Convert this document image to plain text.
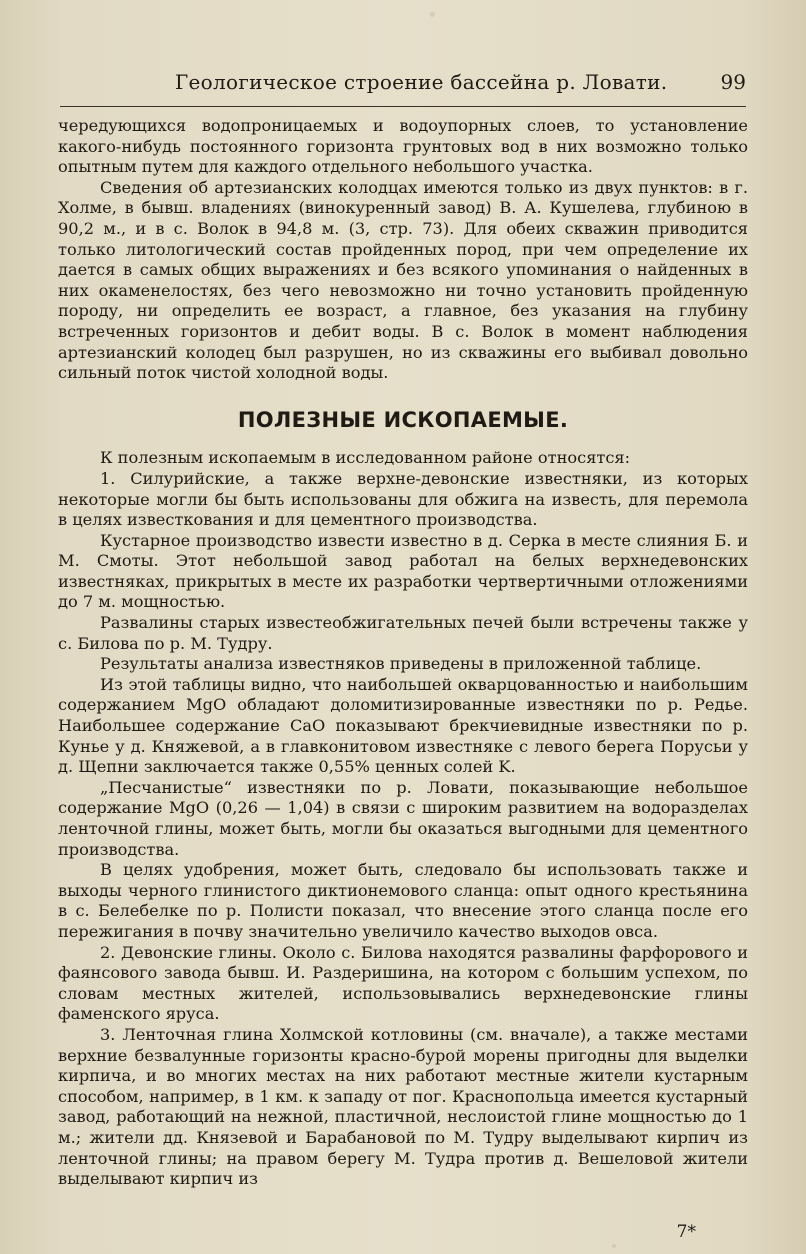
Геологическое строение бассейна р. Ловати.	99

чередующихся водопроницаемых и водоупорных слоев, то установление какого-нибудь постоянного горизонта грунтовых вод в них возможно только опытным путем для каждого отдельного небольшого участка.

Сведения об артезианских колодцах имеются только из двух пунктов: в г. Холме, в бывш. владениях (винокуренный завод) В. А. Кушелева, глубиною в 90,2 м., и в с. Волок в 94,8 м. (3, стр. 73). Для обеих скважин приводится только литологический состав пройденных пород, при чем определение их дается в самых общих выражениях и без всякого упоминания о найденных в них окаменелостях, без чего невозможно ни точно установить пройденную породу, ни определить ее возраст, а главное, без указания на глубину встреченных горизонтов и дебит воды. В с. Волок в момент наблюдения артезианский колодец был разрушен, но из скважины его выбивал довольно сильный поток чистой холодной воды.

ПОЛЕЗНЫЕ ИСКОПАЕМЫЕ.

К полезным ископаемым в исследованном районе относятся:

1. Силурийские, а также верхне-девонские известняки, из которых некоторые могли бы быть использованы для обжига на известь, для перемола в целях известкования и для цементного производства.

Кустарное производство извести известно в д. Серка в месте слияния Б. и М. Смоты. Этот небольшой завод работал на белых верхнедевонских известняках, прикрытых в месте их разработки чертвертичными отложениями до 7 м. мощностью.

Развалины старых известеобжигательных печей были встречены также у с. Билова по р. М. Тудру.

Результаты анализа известняков приведены в приложенной таблице.

Из этой таблицы видно, что наибольшей окварцованностью и наибольшим содержанием MgO обладают доломитизированные известняки по р. Редье. Наибольшее содержание CaO показывают брекчиевидные известняки по р. Кунье у д. Княжевой, а в главконитовом известняке с левого берега Порусьи у д. Щепни заключается также 0,55% ценных солей K.

„Песчанистые“ известняки по р. Ловати, показывающие небольшое содержание MgO (0,26 — 1,04) в связи с широким развитием на водоразделах ленточной глины, может быть, могли бы оказаться выгодными для цементного производства.

В целях удобрения, может быть, следовало бы использовать также и выходы черного глинистого диктионемового сланца: опыт одного крестьянина в с. Белебелке по р. Полисти показал, что внесение этого сланца после его пережигания в почву значительно увеличило качество выходов овса.

2. Девонские глины. Около с. Билова находятся развалины фарфорового и фаянсового завода бывш. И. Раздеришина, на котором с большим успехом, по словам местных жителей, использовывались верхнедевонские глины фаменского яруса.

3. Ленточная глина Холмской котловины (см. вначале), а также местами верхние безвалунные горизонты красно-бурой морены пригодны для выделки кирпича, и во многих местах на них работают местные жители кустарным способом, например, в 1 км. к западу от пог. Краснопольца имеется кустарный завод, работающий на нежной, пластичной, неслоистой глине мощностью до 1 м.; жители дд. Князевой и Барабановой по М. Тудру выделывают кирпич из ленточной глины; на правом берегу М. Тудра против д. Вешеловой жители выделывают кирпич из

7*
